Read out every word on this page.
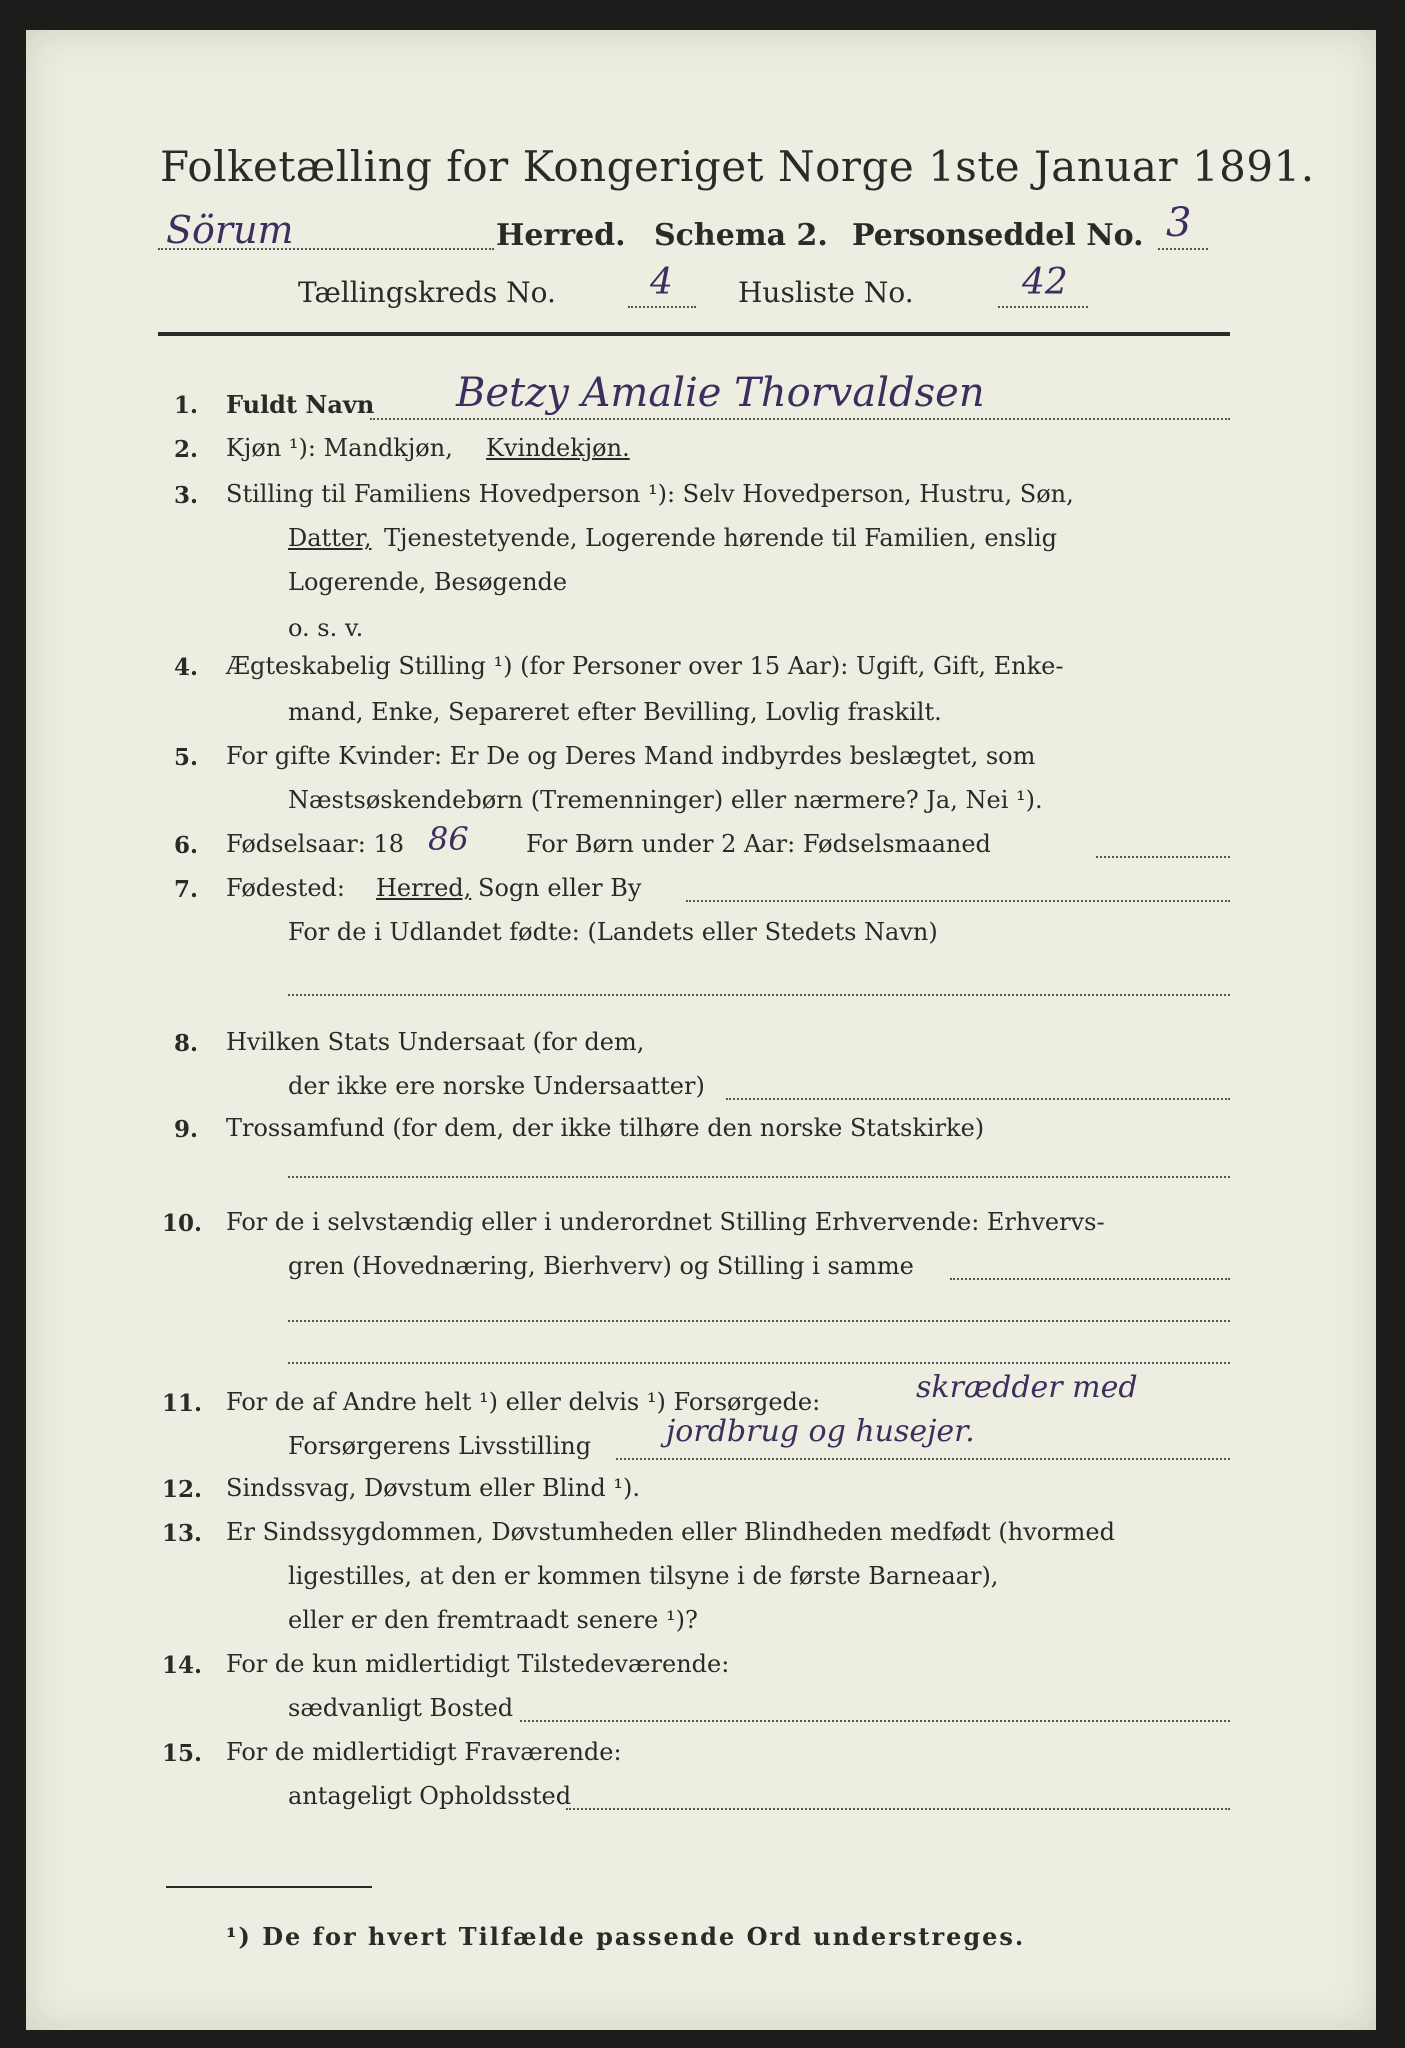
Folketælling for Kongeriget Norge 1ste Januar 1891.
Sörum	Herred. Schema 2. Personseddel No. 3
Tællingskreds No.	4 Husliste No.	42
1. Fuldt Navn Betzy Amalie Thorvaldsen
2. Kjøn ¹): Mandkjøn, Kvindekjøn.
3. Stilling til Familiens Hovedperson ¹): Selv Hovedperson, Hustru, Søn,
Datter, Tjenestetyende, Logerende hørende til Familien, enslig
Logerende, Besøgende
o. s. v.
4. Ægteskabelig Stilling ¹) (for Personer over 15 Aar): Ugift, Gift, Enke-
mand, Enke, Separeret efter Bevilling, Lovlig fraskilt.
5. For gifte Kvinder: Er De og Deres Mand indbyrdes beslægtet, som
Næstsøskendebørn (Tremenninger) eller nærmere? Ja, Nei ¹).
6. Fødselsaar: 18 86 For Børn under 2 Aar: Fødselsmaaned
7. Fødested: Herred, Sogn eller By
For de i Udlandet fødte: (Landets eller Stedets Navn)
8. Hvilken Stats Undersaat (for dem,
der ikke ere norske Undersaatter)
9. Trossamfund (for dem, der ikke tilhøre den norske Statskirke)
10. For de i selvstændig eller i underordnet Stilling Erhvervende: Erhvervs-
gren (Hovednæring, Bierhverv) og Stilling i samme
11. For de af Andre helt ¹) eller delvis ¹) Forsørgede:	skrædder med
Forsørgerens Livsstilling jordbrug og husejer.
12. Sindssvag, Døvstum eller Blind ¹).
13. Er Sindssygdommen, Døvstumheden eller Blindheden medfødt (hvormed
ligestilles, at den er kommen tilsyne i de første Barneaar),
eller er den fremtraadt senere ¹)?
14. For de kun midlertidigt Tilstedeværende:
sædvanligt Bosted
15. For de midlertidigt Fraværende:
antageligt Opholdssted
¹) De for hvert Tilfælde passende Ord understreges.
